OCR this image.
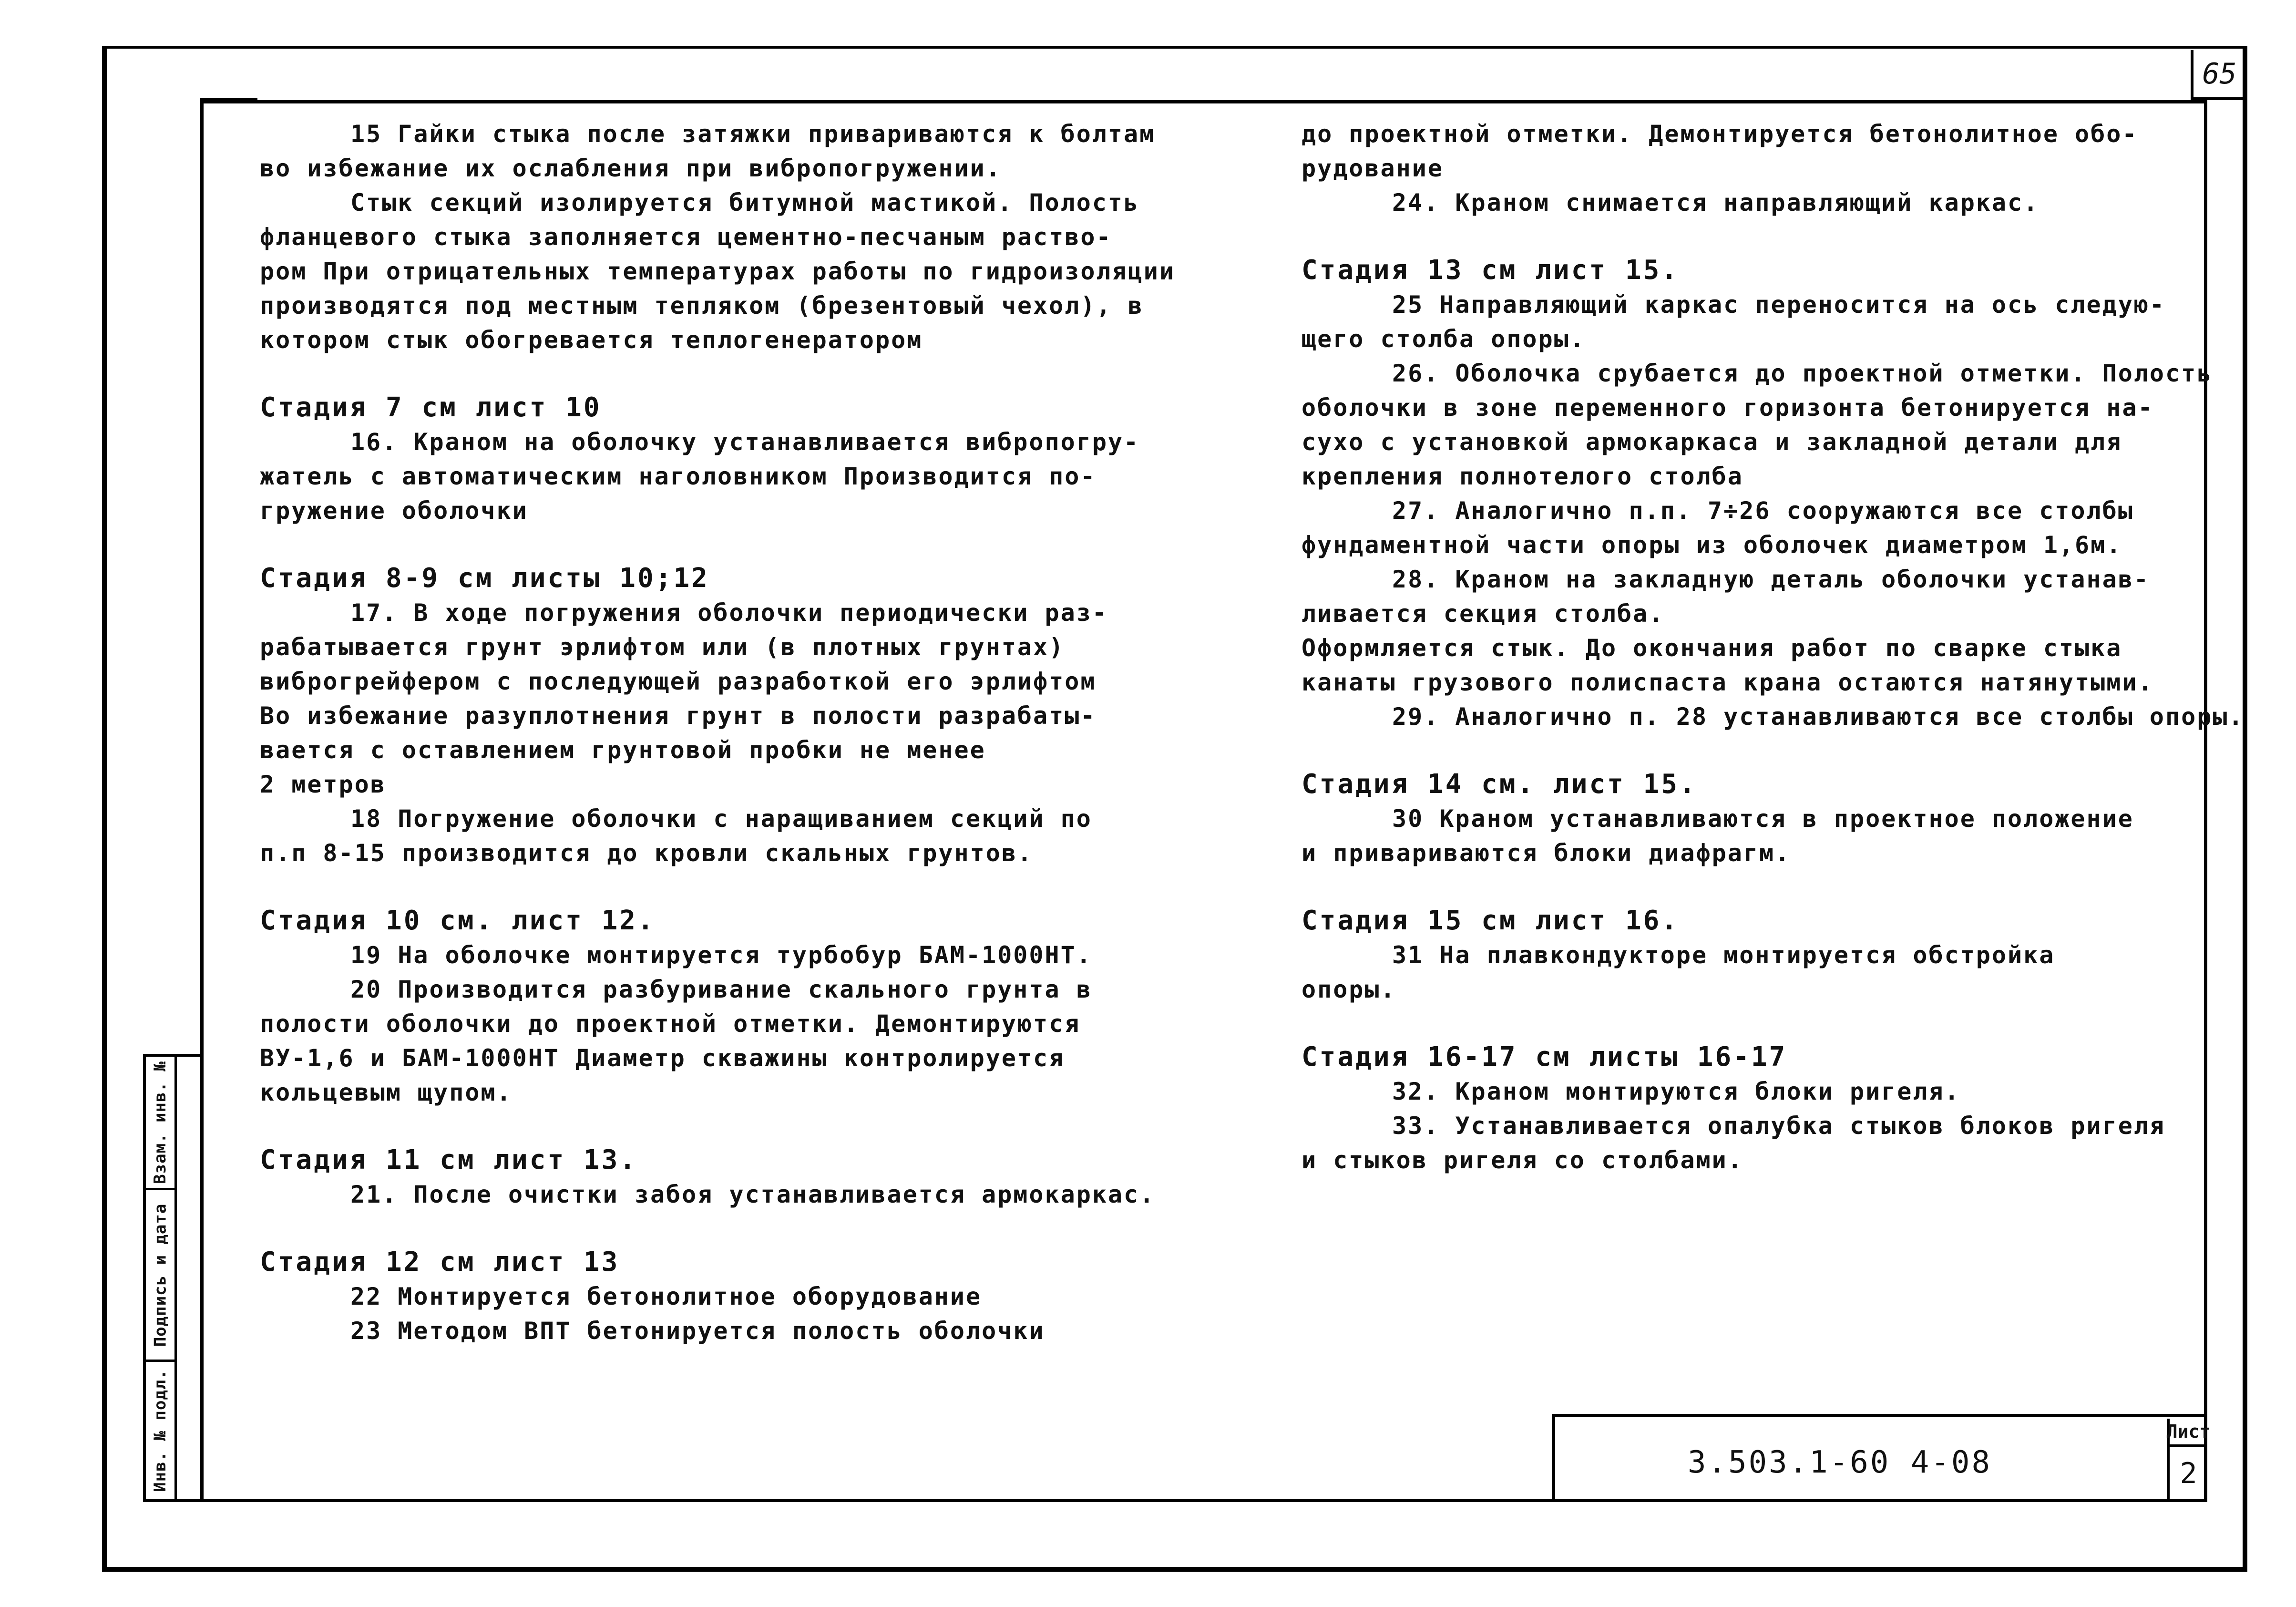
65
Взам. инв. №
Подпись и дата
Инв. № подл.	3.503.1-60 4-08
Лист
2
15 Гайки стыка после затяжки привариваются к болтам
во избежание их ослабления при вибропогружении.
Стык секций изолируется битумной мастикой. Полость
фланцевого стыка заполняется цементно-песчаным раство-
ром При отрицательных температурах работы по гидроизоляции
производятся под местным тепляком (брезентовый чехол), в
котором стык обогревается теплогенератором

Стадия 7 см лист 10

16. Краном на оболочку устанавливается вибропогру-
жатель с автоматическим наголовником Производится по-
гружение оболочки

Стадия 8-9 см листы 10;12

17. В ходе погружения оболочки периодически раз-
рабатывается грунт эрлифтом или (в плотных грунтах)
виброгрейфером с последующей разработкой его эрлифтом
Во избежание разуплотнения грунт в полости разрабаты-
вается с оставлением грунтовой пробки не менее
2 метров
18 Погружение оболочки с наращиванием секций по
п.п 8-15 производится до кровли скальных грунтов.

Стадия 10 см. лист 12.

19 На оболочке монтируется турбобур БАМ-1000НТ.
20 Производится разбуривание скального грунта в
полости оболочки до проектной отметки. Демонтируются
ВУ-1,6 и БАМ-1000НТ Диаметр скважины контролируется
кольцевым щупом.

Стадия 11 см лист 13.

21. После очистки забоя устанавливается армокаркас.

Стадия 12 см лист 13

22 Монтируется бетонолитное оборудование
23 Методом ВПТ бетонируется полость оболочки
до проектной отметки. Демонтируется бетонолитное обо-
рудование
24. Краном снимается направляющий каркас.

Стадия 13 см лист 15.

25 Направляющий каркас переносится на ось следую-
щего столба опоры.
26. Оболочка срубается до проектной отметки. Полость
оболочки в зоне переменного горизонта бетонируется на-
сухо с установкой армокаркаса и закладной детали для
крепления полнотелого столба
27. Аналогично п.п. 7÷26 сооружаются все столбы
фундаментной части опоры из оболочек диаметром 1,6м.
28. Краном на закладную деталь оболочки устанав-
ливается секция столба.
Оформляется стык. До окончания работ по сварке стыка
канаты грузового полиспаста крана остаются натянутыми.
29. Аналогично п. 28 устанавливаются все столбы опоры.

Стадия 14 см. лист 15.

30 Краном устанавливаются в проектное положение
и привариваются блоки диафрагм.

Стадия 15 см лист 16.

31 На плавкондукторе монтируется обстройка
опоры.

Стадия 16-17 см листы 16-17

32. Краном монтируются блоки ригеля.
33. Устанавливается опалубка стыков блоков ригеля
и стыков ригеля со столбами.
